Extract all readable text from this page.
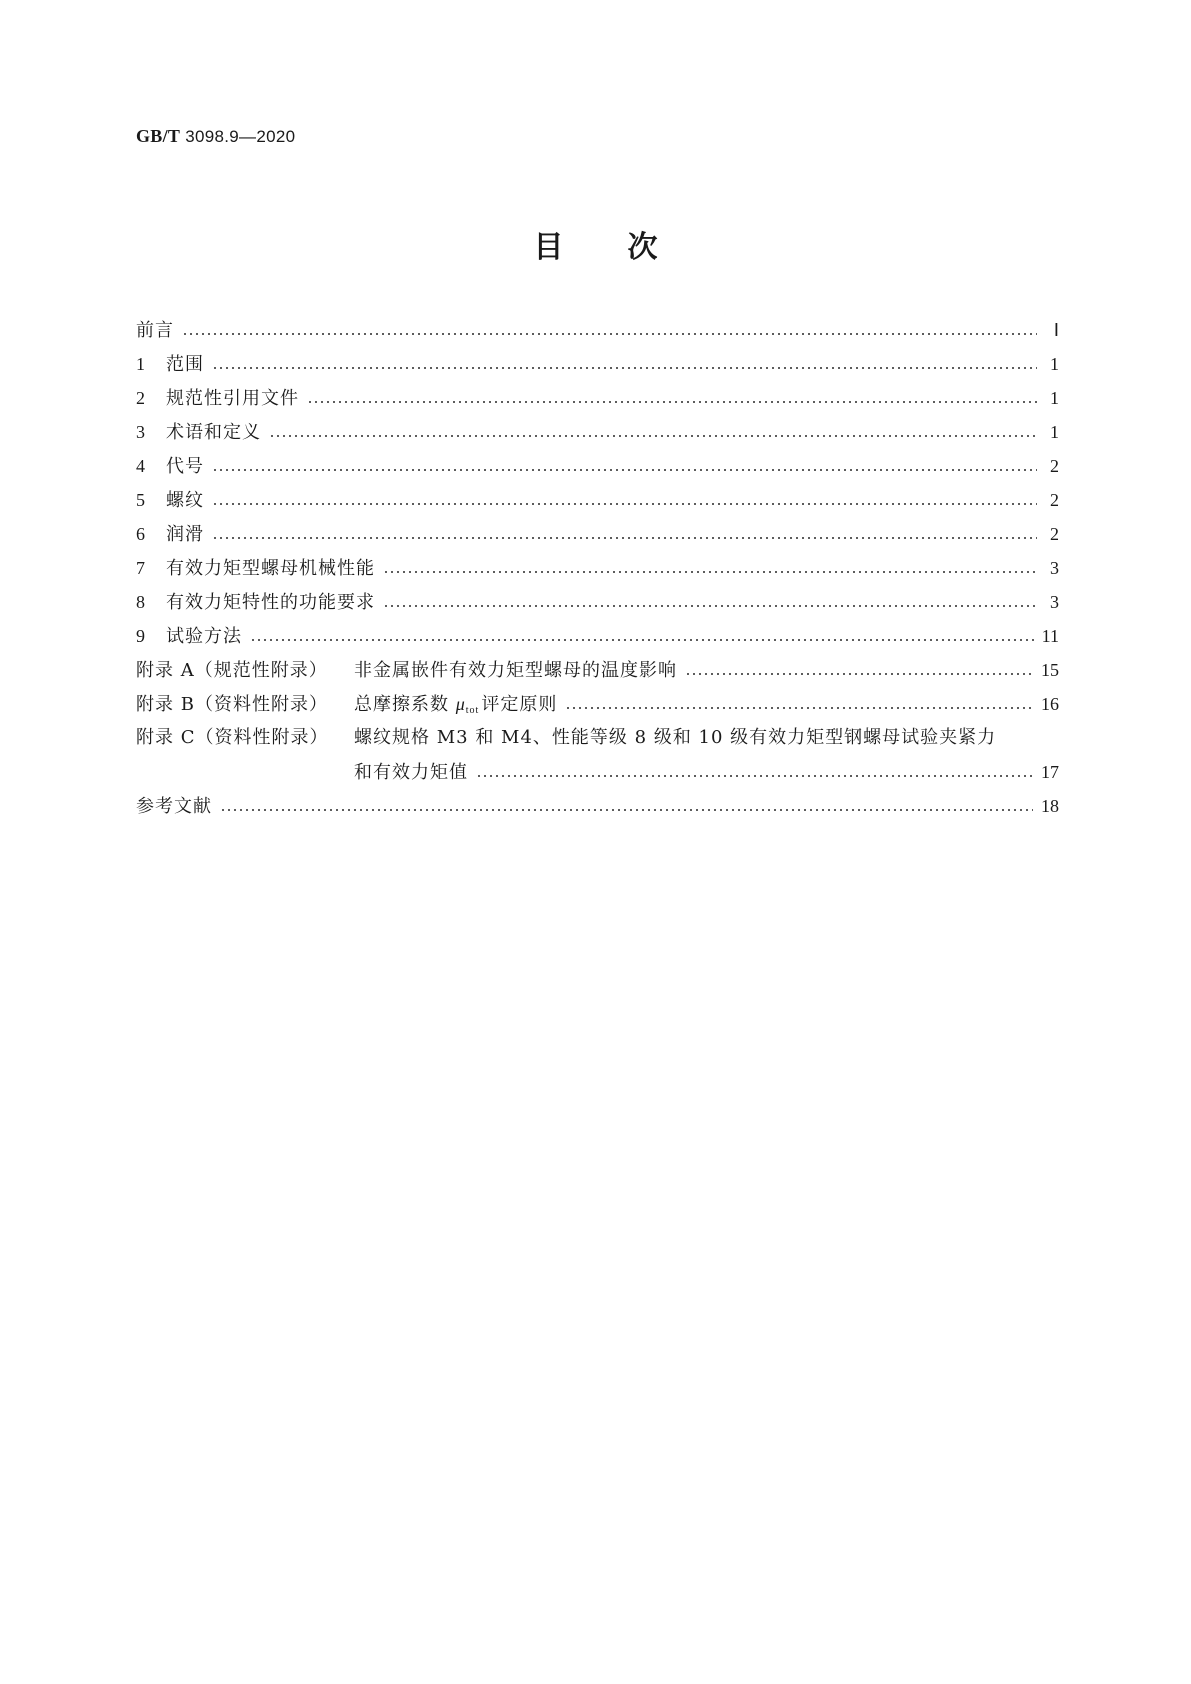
GB/T 3098.9—2020
目 次
前言	Ⅰ
1	范围	1
2	规范性引用文件	1
3	术语和定义	1
4	代号	2
5	螺纹	2
6	润滑	2
7	有效力矩型螺母机械性能	3
8	有效力矩特性的功能要求	3
9	试验方法	11
附录 A（规范性附录）	非金属嵌件有效力矩型螺母的温度影响	15
附录 B（资料性附录）	总摩擦系数 $\mu_{tot}$ 评定原则	16
附录 C（资料性附录）	螺纹规格 M3 和 M4、性能等级 8 级和 10 级有效力矩型钢螺母试验夹紧力
和有效力矩值	17
参考文献	18
